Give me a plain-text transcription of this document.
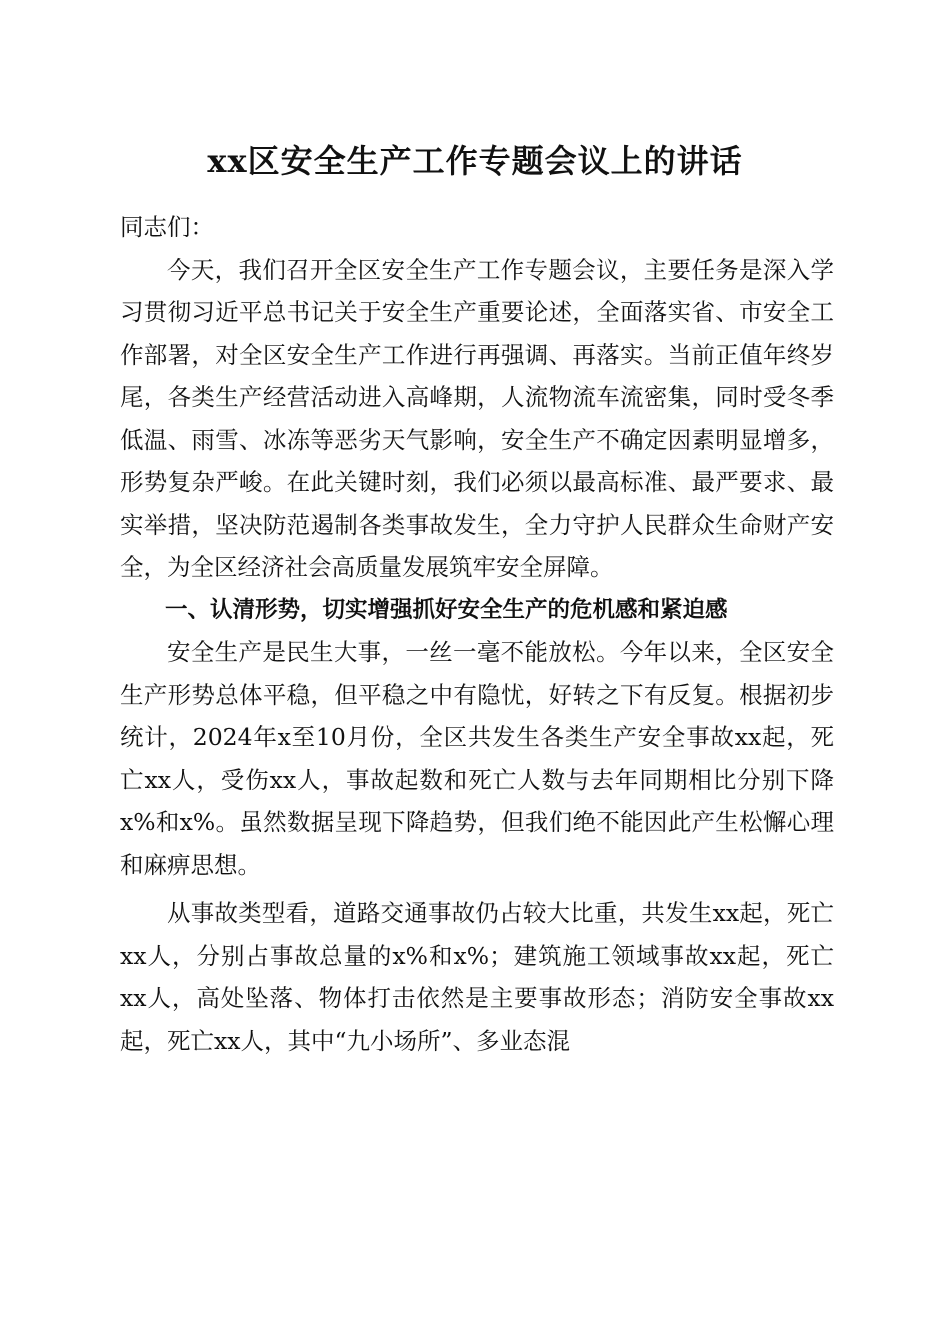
xx区安全生产工作专题会议上的讲话

同志们：

今天，我们召开全区安全生产工作专题会议，主要任务是深入学习贯彻习近平总书记关于安全生产重要论述，全面落实省、市安全工作部署，对全区安全生产工作进行再强调、再落实。当前正值年终岁尾，各类生产经营活动进入高峰期，人流物流车流密集，同时受冬季低温、雨雪、冰冻等恶劣天气影响，安全生产不确定因素明显增多，形势复杂严峻。在此关键时刻，我们必须以最高标准、最严要求、最实举措，坚决防范遏制各类事故发生，全力守护人民群众生命财产安全，为全区经济社会高质量发展筑牢安全屏障。

一、认清形势，切实增强抓好安全生产的危机感和紧迫感

安全生产是民生大事，一丝一毫不能放松。今年以来，全区安全生产形势总体平稳，但平稳之中有隐忧，好转之下有反复。根据初步统计，2024年x至10月份，全区共发生各类生产安全事故xx起，死亡xx人，受伤xx人，事故起数和死亡人数与去年同期相比分别下降x%和x%。虽然数据呈现下降趋势，但我们绝不能因此产生松懈心理和麻痹思想。

从事故类型看，道路交通事故仍占较大比重，共发生xx起，死亡xx人，分别占事故总量的x%和x%；建筑施工领域事故xx起，死亡xx人，高处坠落、物体打击依然是主要事故形态；消防安全事故xx起，死亡xx人，其中“九小场所”、多业态混
